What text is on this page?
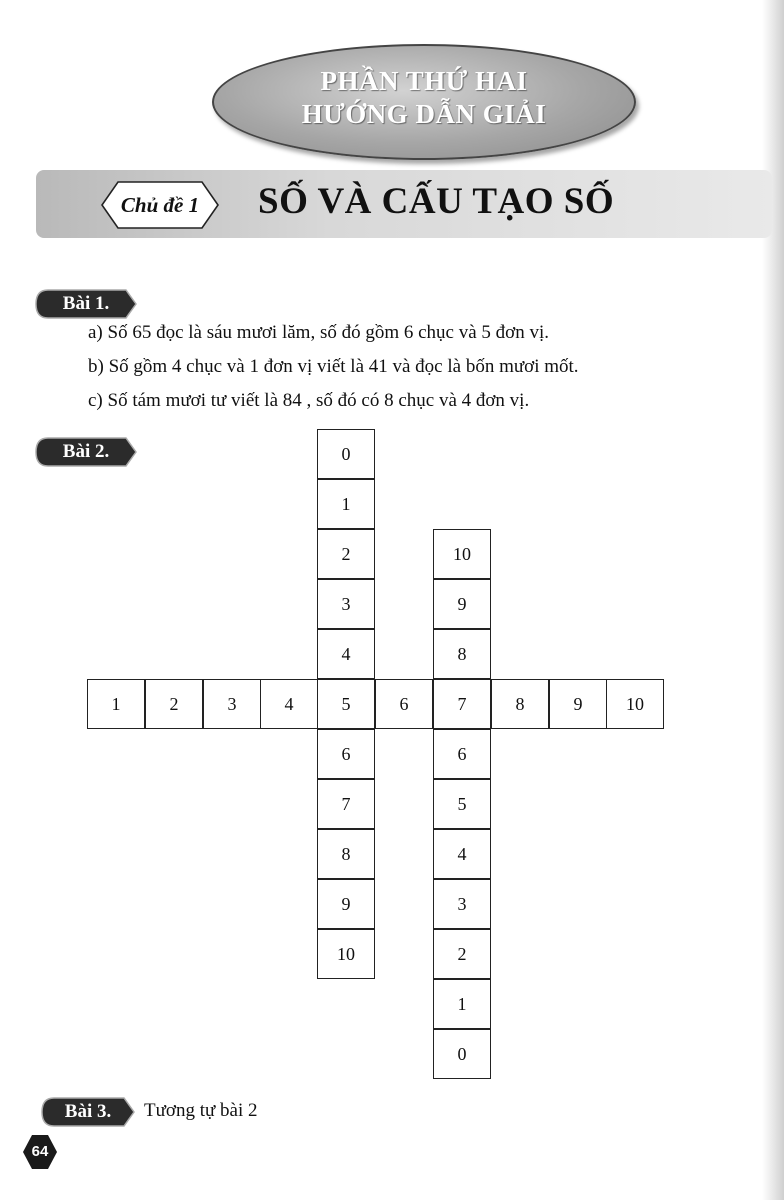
PHẦN THỨ HAI
HƯỚNG DẪN GIẢI
Chủ đề 1	SỐ VÀ CẤU TẠO SỐ
Bài 1.
a) Số 65 đọc là sáu mươi lăm, số đó gồm 6 chục và 5 đơn vị.
b) Số gồm 4 chục và 1 đơn vị viết là 41 và đọc là bốn mươi mốt.
c) Số tám mươi tư viết là 84 , số đó có 8 chục và 4 đơn vị.
Bài 2.	0
1
2
3
4
6
7
8
9
10
10
9
8
6
5
4
3
2
1
0
1	2	3	4	5	6	7	8	9	10
Bài 3.	Tương tự bài 2
64
